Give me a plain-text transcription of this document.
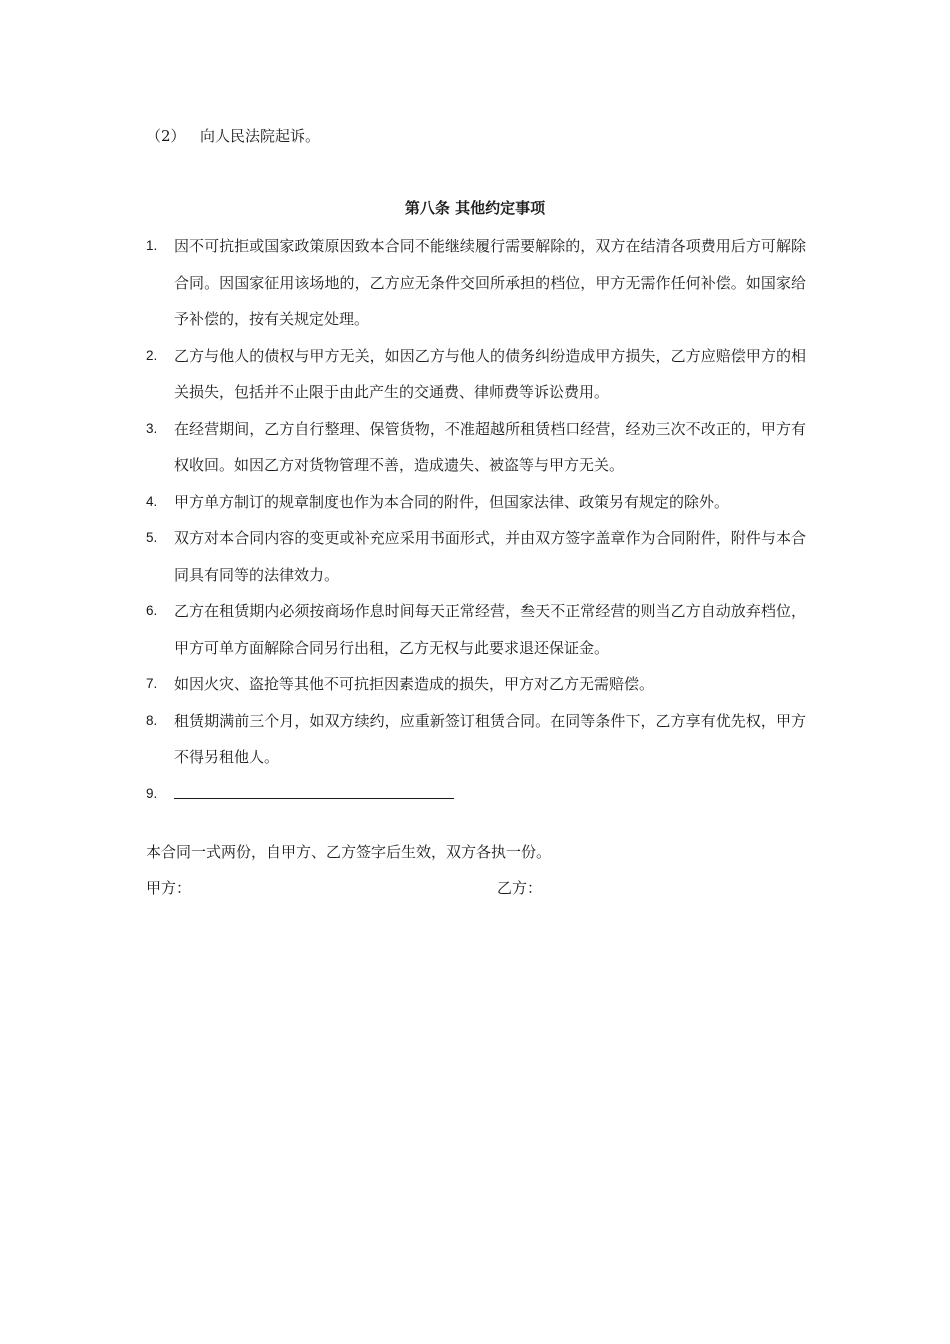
（2） 向人民法院起诉。
第八条 其他约定事项
1. 因不可抗拒或国家政策原因致本合同不能继续履行需要解除的，双方在结清各项费用后方可解除合同。因国家征用该场地的，乙方应无条件交回所承担的档位，甲方无需作任何补偿。如国家给予补偿的，按有关规定处理。
2. 乙方与他人的债权与甲方无关，如因乙方与他人的债务纠纷造成甲方损失，乙方应赔偿甲方的相关损失，包括并不止限于由此产生的交通费、律师费等诉讼费用。
3. 在经营期间，乙方自行整理、保管货物，不准超越所租赁档口经营，经劝三次不改正的，甲方有权收回。如因乙方对货物管理不善，造成遗失、被盗等与甲方无关。
4. 甲方单方制订的规章制度也作为本合同的附件，但国家法律、政策另有规定的除外。
5. 双方对本合同内容的变更或补充应采用书面形式，并由双方签字盖章作为合同附件，附件与本合同具有同等的法律效力。
6. 乙方在租赁期内必须按商场作息时间每天正常经营，叁天不正常经营的则当乙方自动放弃档位，甲方可单方面解除合同另行出租，乙方无权与此要求退还保证金。
7. 如因火灾、盗抢等其他不可抗拒因素造成的损失，甲方对乙方无需赔偿。
8. 租赁期满前三个月，如双方续约，应重新签订租赁合同。在同等条件下，乙方享有优先权，甲方不得另租他人。
9.
本合同一式两份，自甲方、乙方签字后生效，双方各执一份。
甲方：	乙方：
